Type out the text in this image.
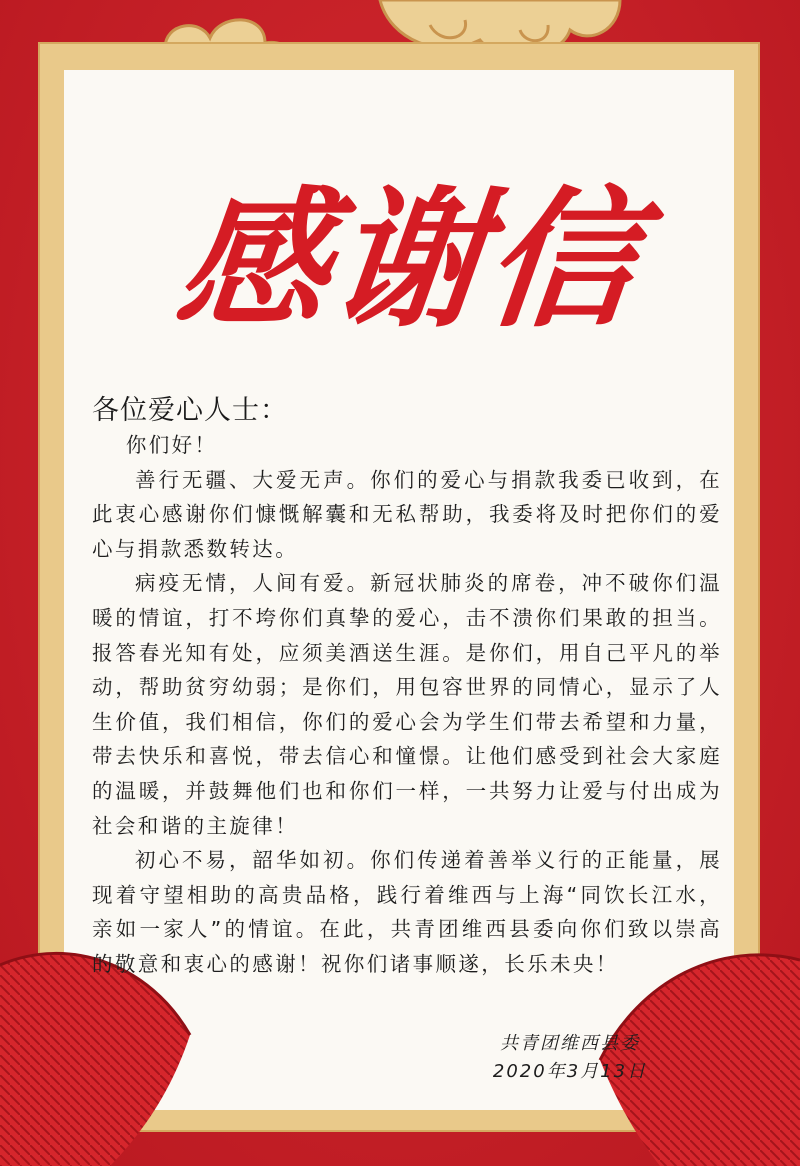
感谢信
各位爱心人士：

你们好！

善行无疆、大爱无声。你们的爱心与捐款我委已收到，在此衷心感谢你们慷慨解囊和无私帮助，我委将及时把你们的爱心与捐款悉数转达。

病疫无情，人间有爱。新冠状肺炎的席卷，冲不破你们温暖的情谊，打不垮你们真挚的爱心，击不溃你们果敢的担当。报答春光知有处，应须美酒送生涯。是你们，用自己平凡的举动，帮助贫穷幼弱；是你们，用包容世界的同情心，显示了人生价值，我们相信，你们的爱心会为学生们带去希望和力量，带去快乐和喜悦，带去信心和憧憬。让他们感受到社会大家庭的温暖，并鼓舞他们也和你们一样，一共努力让爱与付出成为社会和谐的主旋律！

初心不易，韶华如初。你们传递着善举义行的正能量，展现着守望相助的高贵品格，践行着维西与上海“同饮长江水，亲如一家人”的情谊。在此，共青团维西县委向你们致以崇高的敬意和衷心的感谢！祝你们诸事顺遂，长乐未央！

共青团维西县委
2020年3月13日
